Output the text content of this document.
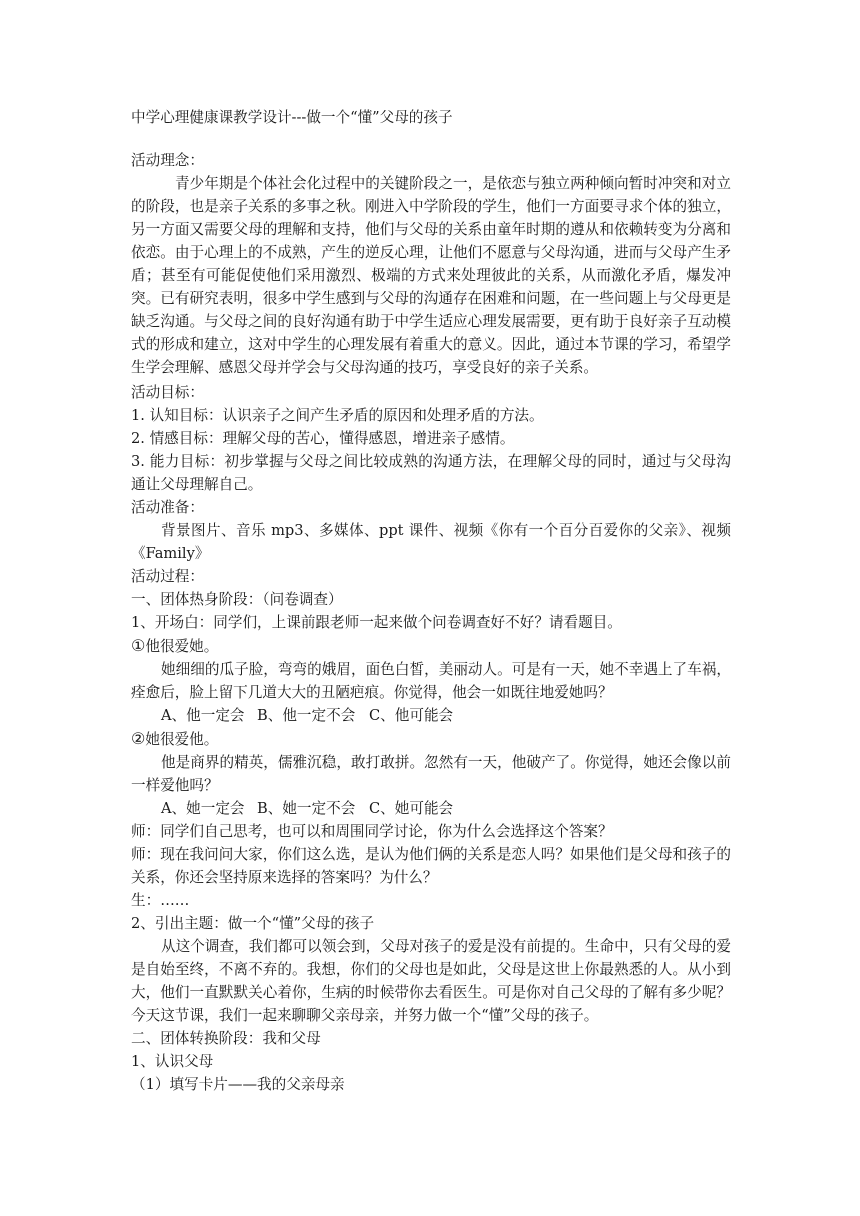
中学心理健康课教学设计---做一个“懂”父母的孩子

活动理念：

青少年期是个体社会化过程中的关键阶段之一，是依恋与独立两种倾向暂时冲突和对立的阶段，也是亲子关系的多事之秋。刚进入中学阶段的学生，他们一方面要寻求个体的独立，另一方面又需要父母的理解和支持，他们与父母的关系由童年时期的遵从和依赖转变为分离和依恋。由于心理上的不成熟，产生的逆反心理，让他们不愿意与父母沟通，进而与父母产生矛盾；甚至有可能促使他们采用激烈、极端的方式来处理彼此的关系，从而激化矛盾，爆发冲突。已有研究表明，很多中学生感到与父母的沟通存在困难和问题，在一些问题上与父母更是缺乏沟通。与父母之间的良好沟通有助于中学生适应心理发展需要，更有助于良好亲子互动模式的形成和建立，这对中学生的心理发展有着重大的意义。因此，通过本节课的学习，希望学生学会理解、感恩父母并学会与父母沟通的技巧，享受良好的亲子关系。

活动目标：

1. 认知目标：认识亲子之间产生矛盾的原因和处理矛盾的方法。

2. 情感目标：理解父母的苦心，懂得感恩，增进亲子感情。

3. 能力目标：初步掌握与父母之间比较成熟的沟通方法，在理解父母的同时，通过与父母沟通让父母理解自己。

活动准备：

背景图片、音乐 mp3、多媒体、ppt 课件、视频《你有一个百分百爱你的父亲》、视频《Family》

活动过程：

一、团体热身阶段：（问卷调查）

1、开场白：同学们，上课前跟老师一起来做个问卷调查好不好？请看题目。

①他很爱她。

她细细的瓜子脸，弯弯的娥眉，面色白皙，美丽动人。可是有一天，她不幸遇上了车祸，痊愈后，脸上留下几道大大的丑陋疤痕。你觉得，他会一如既往地爱她吗？

A、他一定会 B、他一定不会 C、他可能会

②她很爱他。

他是商界的精英，儒雅沉稳，敢打敢拼。忽然有一天，他破产了。你觉得，她还会像以前一样爱他吗？

A、她一定会 B、她一定不会 C、她可能会

师：同学们自己思考，也可以和周围同学讨论，你为什么会选择这个答案？

师：现在我问问大家，你们这么选，是认为他们俩的关系是恋人吗？如果他们是父母和孩子的关系，你还会坚持原来选择的答案吗？为什么？

生：……

2、引出主题：做一个“懂”父母的孩子

从这个调查，我们都可以领会到，父母对孩子的爱是没有前提的。生命中，只有父母的爱是自始至终，不离不弃的。我想，你们的父母也是如此，父母是这世上你最熟悉的人。从小到大，他们一直默默关心着你，生病的时候带你去看医生。可是你对自己父母的了解有多少呢？今天这节课，我们一起来聊聊父亲母亲，并努力做一个“懂”父母的孩子。

二、团体转换阶段：我和父母

1、认识父母

（1）填写卡片——我的父亲母亲
